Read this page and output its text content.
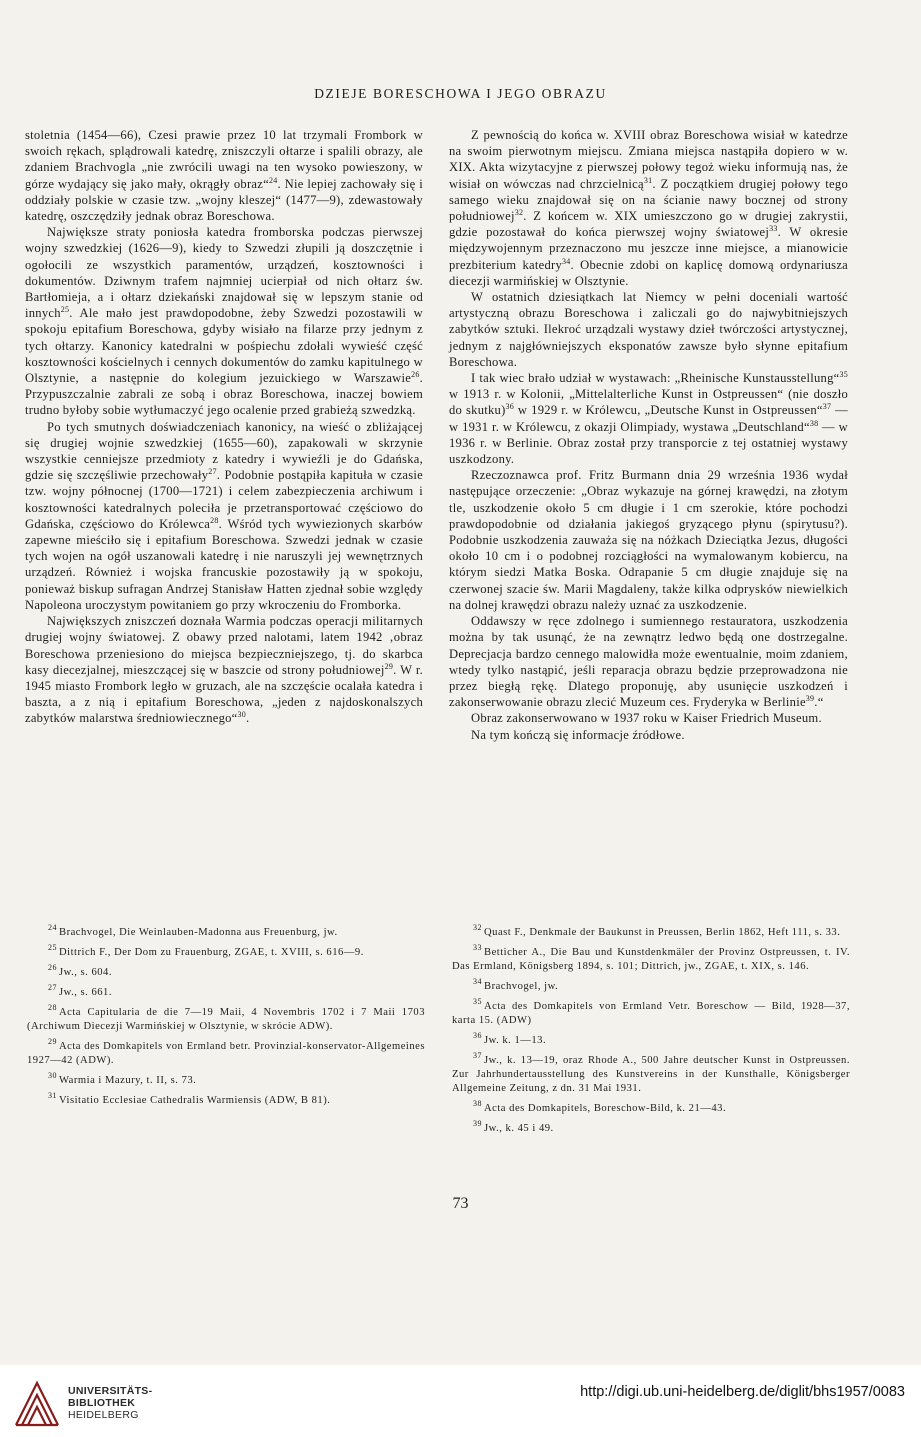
DZIEJE BORESCHOWA I JEGO OBRAZU

stoletnia (1454—66), Czesi prawie przez 10 lat trzymali Frombork w swoich rękach, splądrowali katedrę, zniszczyli ołtarze i spalili obrazy, ale zdaniem Brachvogla „nie zwrócili uwagi na ten wysoko powieszony, w górze wydający się jako mały, okrągły obraz“$^{24}$. Nie lepiej zachowały się i oddziały polskie w czasie tzw. „wojny kleszej“ (1477—9), zdewastowały katedrę, oszczędziły jednak obraz Boreschowa.

Największe straty poniosła katedra fromborska podczas pierwszej wojny szwedzkiej (1626—9), kiedy to Szwedzi złupili ją doszczętnie i ogołocili ze wszystkich paramentów, urządzeń, kosztowności i dokumentów. Dziwnym trafem najmniej ucierpiał od nich ołtarz św. Bartłomieja, a i ołtarz dziekański znajdował się w lepszym stanie od innych$^{25}$. Ale mało jest prawdopodobne, żeby Szwedzi pozostawili w spokoju epitafium Boreschowa, gdyby wisiało na filarze przy jednym z tych ołtarzy. Kanonicy katedralni w pośpiechu zdołali wywieść część kosztowności kościelnych i cennych dokumentów do zamku kapitulnego w Olsztynie, a następnie do kolegium jezuickiego w Warszawie$^{26}$. Przypuszczalnie zabrali ze sobą i obraz Boreschowa, inaczej bowiem trudno byłoby sobie wytłumaczyć jego ocalenie przed grabieżą szwedzką.

Po tych smutnych doświadczeniach kanonicy, na wieść o zbliżającej się drugiej wojnie szwedzkiej (1655—60), zapakowali w skrzynie wszystkie cenniejsze przedmioty z katedry i wywieźli je do Gdańska, gdzie się szczęśliwie przechowały$^{27}$. Podobnie postąpiła kapituła w czasie tzw. wojny północnej (1700—1721) i celem zabezpieczenia archiwum i kosztowności katedralnych poleciła je przetransportować częściowo do Gdańska, częściowo do Królewca$^{28}$. Wśród tych wywiezionych skarbów zapewne mieściło się i epitafium Boreschowa. Szwedzi jednak w czasie tych wojen na ogół uszanowali katedrę i nie naruszyli jej wewnętrznych urządzeń. Również i wojska francuskie pozostawiły ją w spokoju, ponieważ biskup sufragan Andrzej Stanisław Hatten zjednał sobie względy Napoleona uroczystym powitaniem go przy wkroczeniu do Fromborka.

Największych zniszczeń doznała Warmia podczas operacji militarnych drugiej wojny światowej. Z obawy przed nalotami, latem 1942 ‚obraz Boreschowa przeniesiono do miejsca bezpieczniejszego, tj. do skarbca kasy diecezjalnej, mieszczącej się w baszcie od strony południowej$^{29}$. W r. 1945 miasto Frombork legło w gruzach, ale na szczęście ocalała katedra i baszta, a z nią i epitafium Boreschowa, „jeden z najdoskonalszych zabytków malarstwa średniowiecznego“$^{30}$.

Z pewnością do końca w. XVIII obraz Boreschowa wisiał w katedrze na swoim pierwotnym miejscu. Zmiana miejsca nastąpiła dopiero w w. XIX. Akta wizytacyjne z pierwszej połowy tegoż wieku informują nas, że wisiał on wówczas nad chrzcielnicą$^{31}$. Z początkiem drugiej połowy tego samego wieku znajdował się on na ścianie nawy bocznej od strony południowej$^{32}$. Z końcem w. XIX umieszczono go w drugiej zakrystii, gdzie pozostawał do końca pierwszej wojny światowej$^{33}$. W okresie międzywojennym przeznaczono mu jeszcze inne miejsce, a mianowicie prezbiterium katedry$^{34}$. Obecnie zdobi on kaplicę domową ordynariusza diecezji warmińskiej w Olsztynie.

W ostatnich dziesiątkach lat Niemcy w pełni doceniali wartość artystyczną obrazu Boreschowa i zaliczali go do najwybitniejszych zabytków sztuki. Ilekroć urządzali wystawy dzieł twórczości artystycznej, jednym z najgłówniejszych eksponatów zawsze było słynne epitafium Boreschowa.

I tak wiec brało udział w wystawach: „Rheinische Kunstausstellung“$^{35}$ w 1913 r. w Kolonii, „Mittelalterliche Kunst in Ostpreussen“ (nie doszło do skutku)$^{36}$ w 1929 r. w Królewcu, „Deutsche Kunst in Ostpreussen“$^{37}$ — w 1931 r. w Królewcu, z okazji Olimpiady, wystawa „Deutschland“$^{38}$ — w 1936 r. w Berlinie. Obraz został przy transporcie z tej ostatniej wystawy uszkodzony.

Rzeczoznawca prof. Fritz Burmann dnia 29 września 1936 wydał następujące orzeczenie: „Obraz wykazuje na górnej krawędzi, na złotym tle, uszkodzenie około 5 cm długie i 1 cm szerokie, które pochodzi prawdopodobnie od działania jakiegoś gryzącego płynu (spirytusu?). Podobnie uszkodzenia zauważa się na nóżkach Dzieciątka Jezus, długości około 10 cm i o podobnej rozciągłości na wymalowanym kobiercu, na którym siedzi Matka Boska. Odrapanie 5 cm długie znajduje się na czerwonej szacie św. Marii Magdaleny, także kilka odprysków niewielkich na dolnej krawędzi obrazu należy uznać za uszkodzenie.

Oddawszy w ręce zdolnego i sumiennego restauratora, uszkodzenia można by tak usunąć, że na zewnątrz ledwo będą one dostrzegalne. Deprecjacja bardzo cennego malowidła może ewentualnie, moim zdaniem, wtedy tylko nastąpić, jeśli reparacja obrazu będzie przeprowadzona nie przez biegłą rękę. Dlatego proponuję, aby usunięcie uszkodzeń i zakonserwowanie obrazu zlecić Muzeum ces. Fryderyka w Berlinie$^{39}$.“

Obraz zakonserwowano w 1937 roku w Kaiser Friedrich Museum.

Na tym kończą się informacje źródłowe.

$^{24}$ Brachvogel, Die Weinlauben-Madonna aus Freuenburg, jw.
$^{25}$ Dittrich F., Der Dom zu Frauenburg, ZGAE, t. XVIII, s. 616—9.
$^{26}$ Jw., s. 604.
$^{27}$ Jw., s. 661.
$^{28}$ Acta Capitularia de die 7—19 Maii, 4 Novembris 1702 i 7 Maii 1703 (Archiwum Diecezji Warmińskiej w Olsztynie, w skrócie ADW).
$^{29}$ Acta des Domkapitels von Ermland betr. Provinzial-konservator-Allgemeines 1927—42 (ADW).
$^{30}$ Warmia i Mazury, t. II, s. 73.
$^{31}$ Visitatio Ecclesiae Cathedralis Warmiensis (ADW, B 81).
$^{32}$ Quast F., Denkmale der Baukunst in Preussen, Berlin 1862, Heft 111, s. 33.
$^{33}$ Betticher A., Die Bau und Kunstdenkmäler der Provinz Ostpreussen, t. IV. Das Ermland, Königsberg 1894, s. 101; Dittrich, jw., ZGAE, t. XIX, s. 146.
$^{34}$ Brachvogel, jw.
$^{35}$ Acta des Domkapitels von Ermland Vetr. Boreschow — Bild, 1928—37, karta 15. (ADW)
$^{36}$ Jw. k. 1—13.
$^{37}$ Jw., k. 13—19, oraz Rhode A., 500 Jahre deutscher Kunst in Ostpreussen. Zur Jahrhundertausstellung des Kunstvereins in der Kunsthalle, Königsberger Allgemeine Zeitung, z dn. 31 Mai 1931.
$^{38}$ Acta des Domkapitels, Boreschow-Bild, k. 21—43.
$^{39}$ Jw., k. 45 i 49.
73
UNIVERSITÄTS-
BIBLIOTHEK
HEIDELBERG
http://digi.ub.uni-heidelberg.de/diglit/bhs1957/0083
